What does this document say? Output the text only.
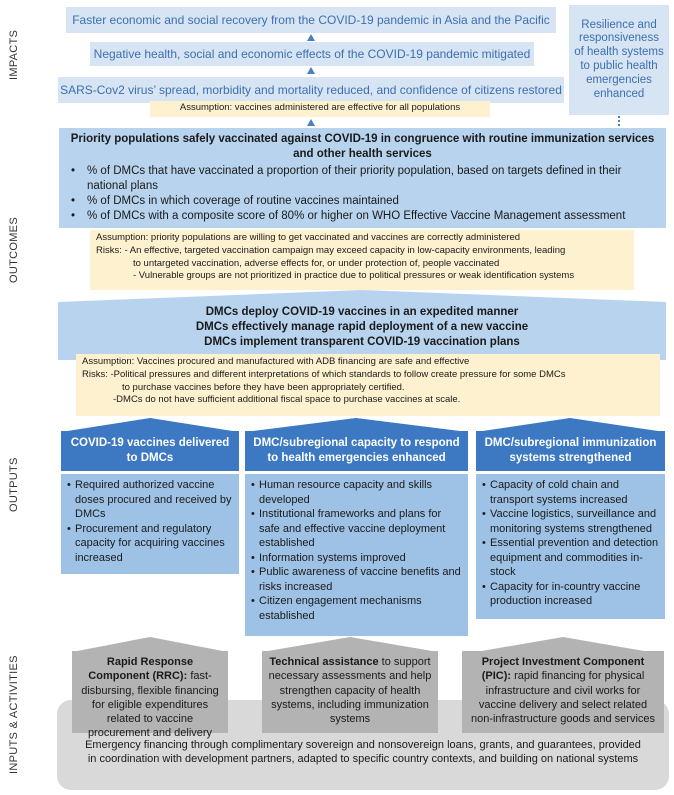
IMPACTS
OUTCOMES
OUTPUTS
INPUTS & ACTIVITIES
Faster economic and social recovery from the COVID-19 pandemic in Asia and the Pacific
Negative health, social and economic effects of the COVID-19 pandemic mitigated
SARS-Cov2 virus’ spread, morbidity and mortality reduced, and confidence of citizens restored
Resilience and responsiveness of health systems to public health emergencies enhanced
Assumption: vaccines administered are effective for all populations
Priority populations safely vaccinated against COVID-19 in congruence with routine immunization services and other health services
• % of DMCs that have vaccinated a proportion of their priority population, based on targets defined in their national plans
• % of DMCs in which coverage of routine vaccines maintained
• % of DMCs with a composite score of 80% or higher on WHO Effective Vaccine Management assessment
Assumption: priority populations are willing to get vaccinated and vaccines are correctly administered
Risks: - An effective, targeted vaccination campaign may exceed capacity in low-capacity environments, leading
to untargeted vaccination, adverse effects for, or under protection of, people vaccinated
- Vulnerable groups are not prioritized in practice due to political pressures or weak identification systems
DMCs deploy COVID-19 vaccines in an expedited manner
DMCs effectively manage rapid deployment of a new vaccine
DMCs implement transparent COVID-19 vaccination plans
Assumption: Vaccines procured and manufactured with ADB financing are safe and effective
Risks: -Political pressures and different interpretations of which standards to follow create pressure for some DMCs
to purchase vaccines before they have been appropriately certified.
-DMCs do not have sufficient additional fiscal space to purchase vaccines at scale.
COVID-19 vaccines delivered to DMCs
• Required authorized vaccine doses procured and received by DMCs
• Procurement and regulatory capacity for acquiring vaccines increased
DMC/subregional capacity to respond to health emergencies enhanced
• Human resource capacity and skills developed
• Institutional frameworks and plans for safe and effective vaccine deployment established
• Information systems improved
• Public awareness of vaccine benefits and risks increased
• Citizen engagement mechanisms established
DMC/subregional immunization systems strengthened
• Capacity of cold chain and transport systems increased
• Vaccine logistics, surveillance and monitoring systems strengthened
• Essential prevention and detection equipment and commodities in-stock
• Capacity for in-country vaccine production increased
Rapid Response Component (RRC): fast-disbursing, flexible financing for eligible expenditures related to vaccine procurement and delivery
Technical assistance to support necessary assessments and help strengthen capacity of health systems, including immunization systems
Project Investment Component (PIC): rapid financing for physical infrastructure and civil works for vaccine delivery and select related non-infrastructure goods and services
Emergency financing through complimentary sovereign and nonsovereign loans, grants, and guarantees, provided in coordination with development partners, adapted to specific country contexts, and building on national systems
